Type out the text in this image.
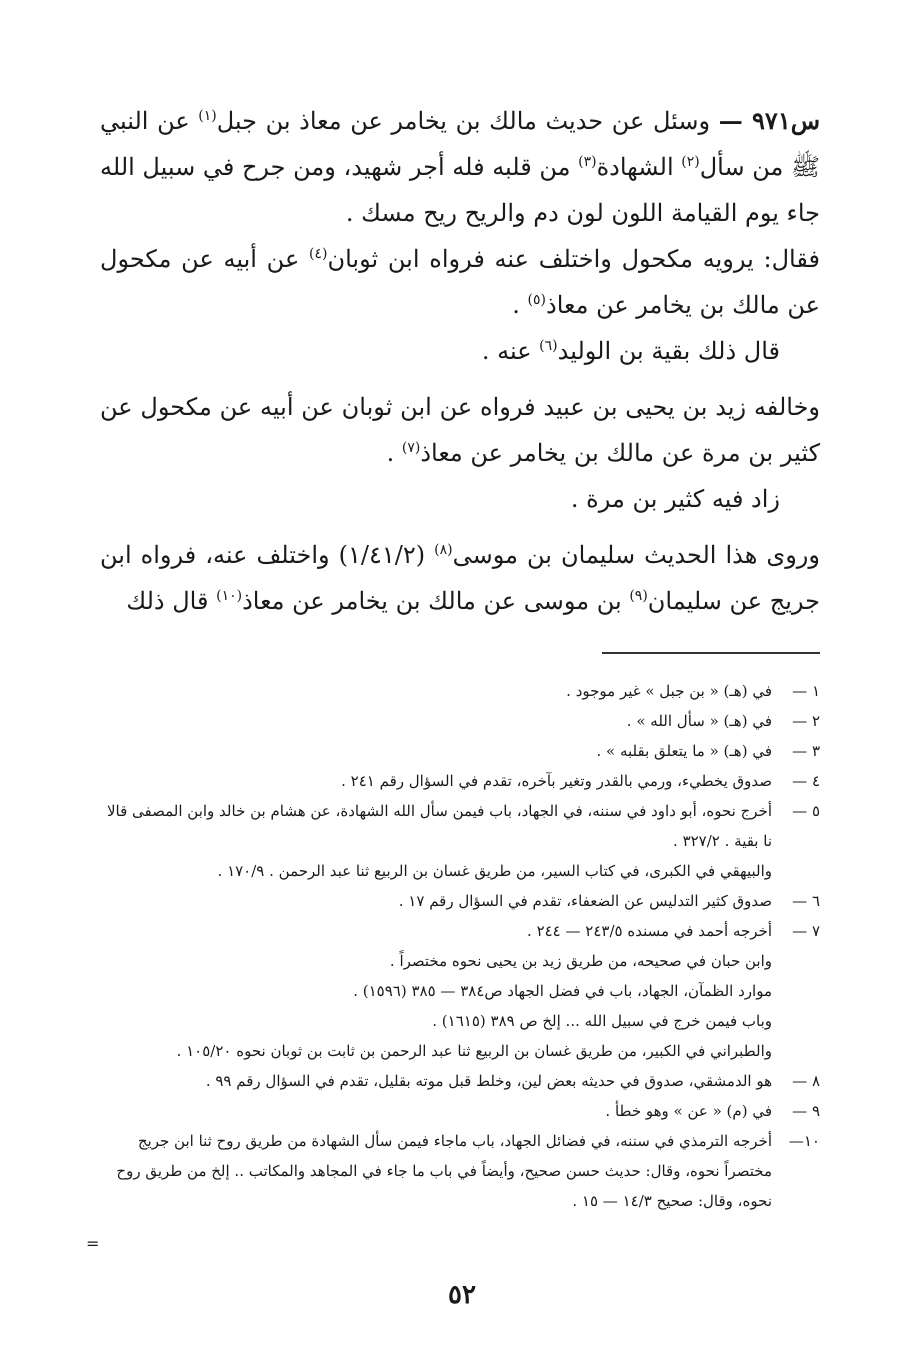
س٩٧١ — وسئل عن حديث مالك بن يخامر عن معاذ بن جبل$^{(١)}$ عن النبي ﷺ من سأل$^{(٢)}$ الشهادة$^{(٣)}$ من قلبه فله أجر شهيد، ومن جرح في سبيل الله جاء يوم القيامة اللون لون دم والريح ريح مسك .

فقال: يرويه مكحول واختلف عنه فرواه ابن ثوبان$^{(٤)}$ عن أبيه عن مكحول عن مالك بن يخامر عن معاذ$^{(٥)}$ .

قال ذلك بقية بن الوليد$^{(٦)}$ عنه .

وخالفه زيد بن يحيى بن عبيد فرواه عن ابن ثوبان عن أبيه عن مكحول عن كثير بن مرة عن مالك بن يخامر عن معاذ$^{(٧)}$ .

زاد فيه كثير بن مرة .

وروى هذا الحديث سليمان بن موسى$^{(٨)}$ (١/٤١/٢) واختلف عنه، فرواه ابن جريج عن سليمان$^{(٩)}$ بن موسى عن مالك بن يخامر عن معاذ$^{(١٠)}$ قال ذلك

١ —
في (هـ) « بن جبل » غير موجود .
٢ —
في (هـ) « سأل الله » .
٣ —
في (هـ) « ما يتعلق بقلبه » .
٤ —
صدوق يخطيء، ورمي بالقدر وتغير بآخره، تقدم في السؤال رقم ٢٤١ .
٥ —
أخرج نحوه، أبو داود في سننه، في الجهاد، باب فيمن سأل الله الشهادة، عن هشام بن خالد وابن المصفى قالا نا بقية . ٣٢٧/٢ .
والبيهقي في الكبرى، في كتاب السير، من طريق غسان بن الربيع ثنا عبد الرحمن . ١٧٠/٩ .
٦ —
صدوق كثير التدليس عن الضعفاء، تقدم في السؤال رقم ١٧ .
٧ —
أخرجه أحمد في مسنده ٢٤٣/٥ — ٢٤٤ .
وابن حبان في صحيحه، من طريق زيد بن يحيى نحوه مختصراً .
موارد الظمآن، الجهاد، باب في فضل الجهاد ص٣٨٤ — ٣٨٥ (١٥٩٦) .
وباب فيمن خرج في سبيل الله ... إلخ ص ٣٨٩ (١٦١٥) .
والطبراني في الكبير، من طريق غسان بن الربيع ثنا عبد الرحمن بن ثابت بن ثوبان نحوه ١٠٥/٢٠ .
٨ —
هو الدمشقي، صدوق في حديثه بعض لين، وخلط قبل موته بقليل، تقدم في السؤال رقم ٩٩ .
٩ —
في (م) « عن » وهو خطأ .
١٠—
أخرجه الترمذي في سننه، في فضائل الجهاد، باب ماجاء فيمن سأل الشهادة من طريق روح ثنا ابن جريج مختصراً نحوه، وقال: حديث حسن صحيح، وأيضاً في باب ما جاء في المجاهد والمكاتب .. إلخ من طريق روح نحوه، وقال: صحيح ١٤/٣ — ١٥ .
=
٥٢
